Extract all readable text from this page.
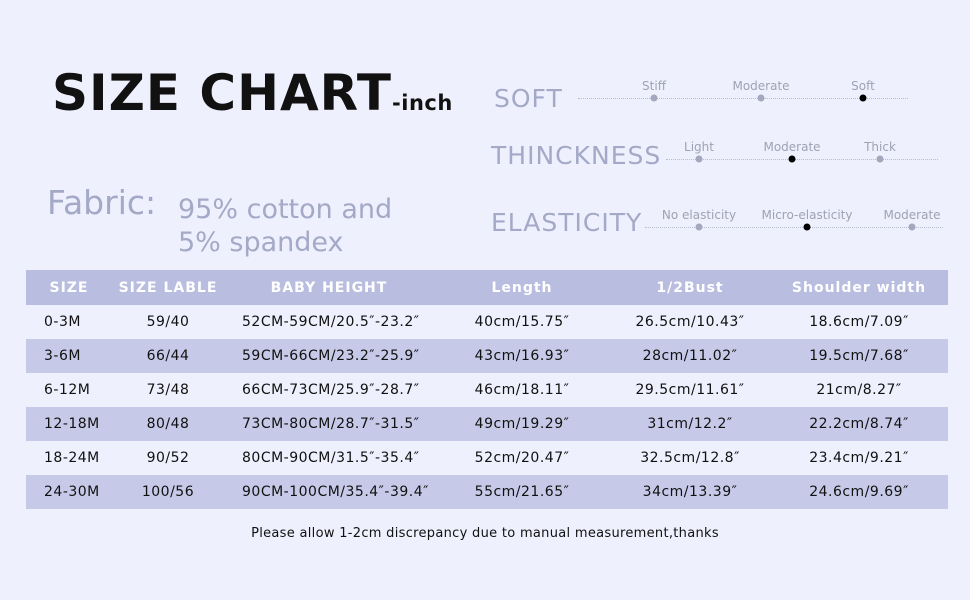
SIZE CHART-inch
Fabric: 95% cotton and 5% spandex
SOFT	Stiff	Moderate	Soft
THINCKNESS Light	Moderate	Thick
ELASTICITY No elasticity Micro-elasticity	Moderate
SIZE	SIZE LABLE	BABY HEIGHT	Length	1/2Bust	Shoulder width
0-3M	59/40	52CM-59CM/20.5″-23.2″	40cm/15.75″	26.5cm/10.43″	18.6cm/7.09″
3-6M	66/44	59CM-66CM/23.2″-25.9″	43cm/16.93″	28cm/11.02″	19.5cm/7.68″
6-12M	73/48	66CM-73CM/25.9″-28.7″	46cm/18.11″	29.5cm/11.61″	21cm/8.27″
12-18M	80/48	73CM-80CM/28.7″-31.5″	49cm/19.29″	31cm/12.2″	22.2cm/8.74″
18-24M	90/52	80CM-90CM/31.5″-35.4″	52cm/20.47″	32.5cm/12.8″	23.4cm/9.21″
24-30M	100/56	90CM-100CM/35.4″-39.4″	55cm/21.65″	34cm/13.39″	24.6cm/9.69″
Please allow 1-2cm discrepancy due to manual measurement,thanks
